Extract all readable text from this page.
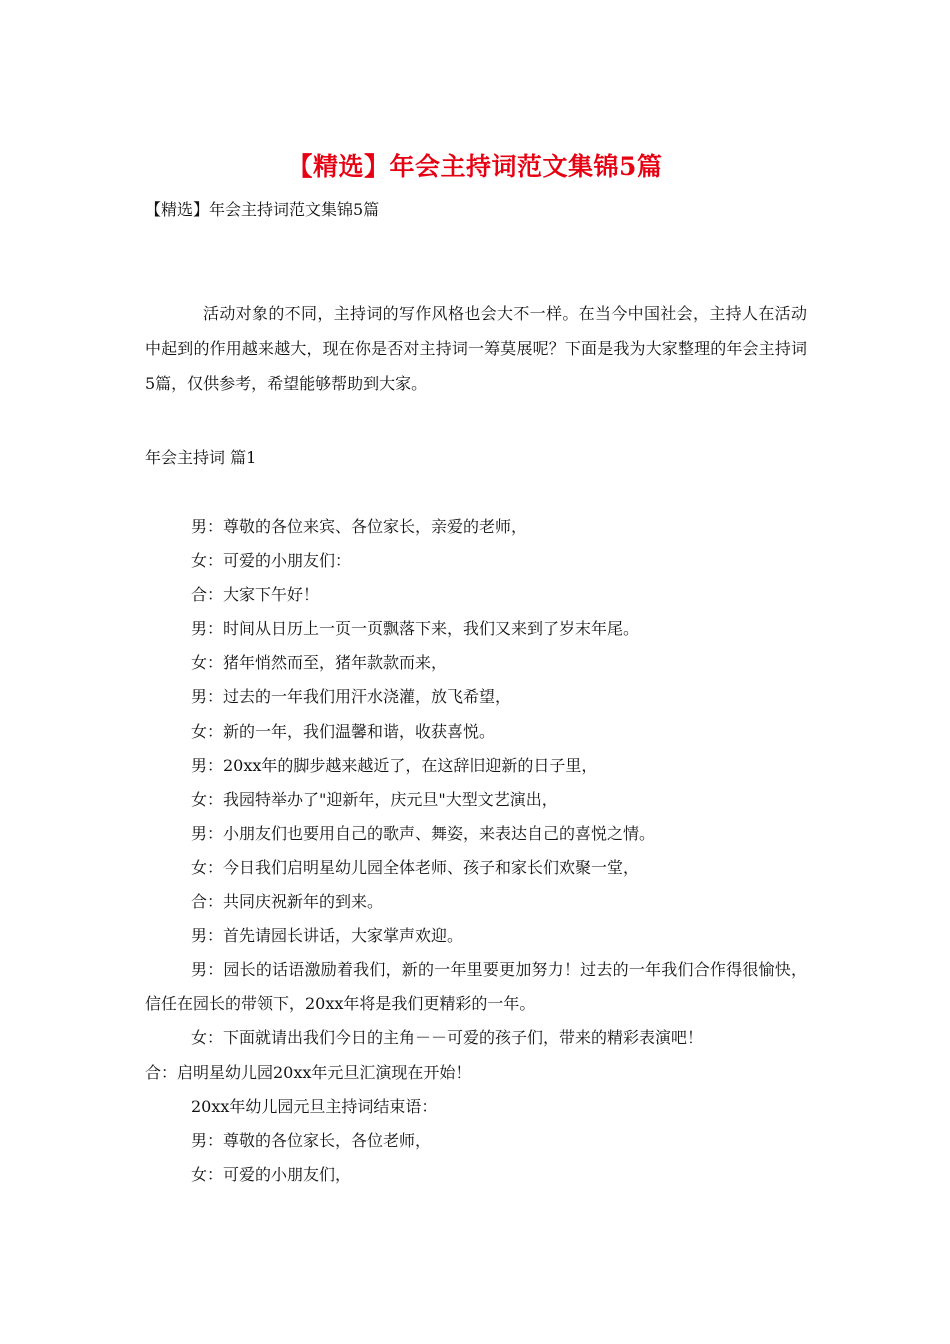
【精选】年会主持词范文集锦5篇
【精选】年会主持词范文集锦5篇
活动对象的不同，主持词的写作风格也会大不一样。在当今中国社会，主持人在活动中起到的作用越来越大，现在你是否对主持词一筹莫展呢？下面是我为大家整理的年会主持词5篇，仅供参考，希望能够帮助到大家。
年会主持词 篇1

男：尊敬的各位来宾、各位家长，亲爱的老师，

女：可爱的小朋友们：

合：大家下午好！

男：时间从日历上一页一页飘落下来，我们又来到了岁末年尾。

女：猪年悄然而至，猪年款款而来，

男：过去的一年我们用汗水浇灌，放飞希望，

女：新的一年，我们温馨和谐，收获喜悦。

男：20xx年的脚步越来越近了，在这辞旧迎新的日子里，

女：我园特举办了"迎新年，庆元旦"大型文艺演出，

男：小朋友们也要用自己的歌声、舞姿，来表达自己的喜悦之情。

女：今日我们启明星幼儿园全体老师、孩子和家长们欢聚一堂，

合：共同庆祝新年的到来。

男：首先请园长讲话，大家掌声欢迎。

男：园长的话语激励着我们，新的一年里要更加努力！过去的一年我们合作得很愉快，信任在园长的带领下，20xx年将是我们更精彩的一年。

女：下面就请出我们今日的主角－－可爱的孩子们，带来的精彩表演吧！

合：启明星幼儿园20xx年元旦汇演现在开始！

20xx年幼儿园元旦主持词结束语：

男：尊敬的各位家长，各位老师，

女：可爱的小朋友们，
